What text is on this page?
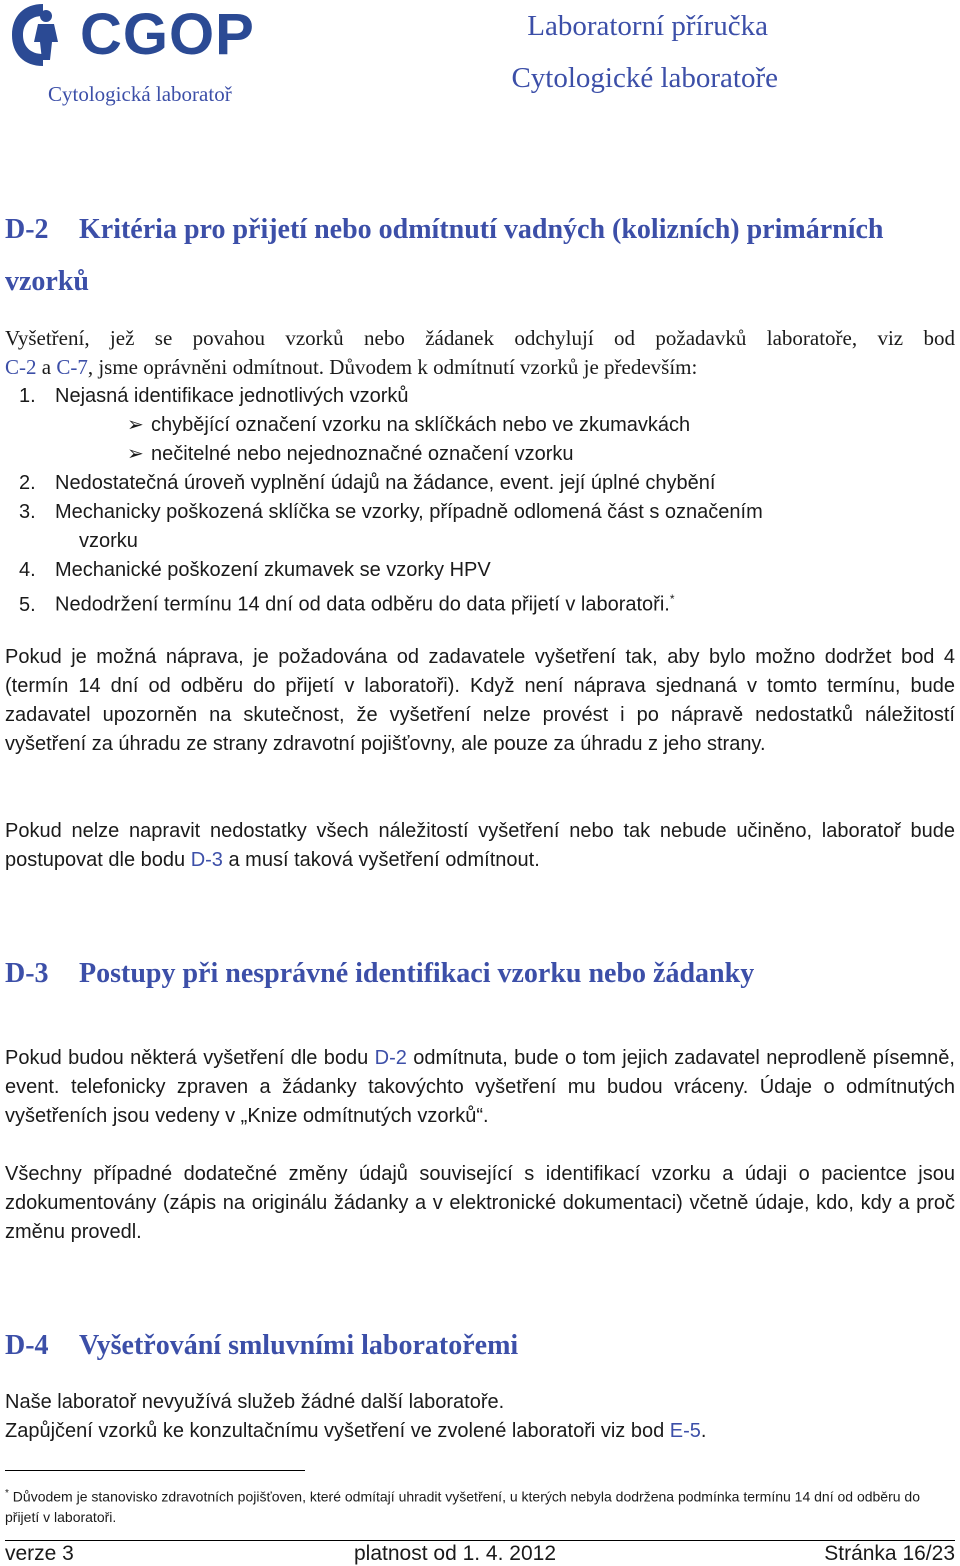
CGOP
Cytologická laboratoř
Laboratorní příručka
Cytologické laboratoře
D-2 Kritéria pro přijetí nebo odmítnutí vadných (kolizních) primárních
vzorků
Vyšetření, jež se povahou vzorků nebo žádanek odchylují od požadavků laboratoře, viz bod
C-2 a C-7, jsme oprávněni odmítnout. Důvodem k odmítnutí vzorků je především:
1. Nejasná identifikace jednotlivých vzorků
➢ chybějící označení vzorku na sklíčkách nebo ve zkumavkách
➢ nečitelné nebo nejednoznačné označení vzorku
2. Nedostatečná úroveň vyplnění údajů na žádance, event. její úplné chybění
3. Mechanicky poškozená sklíčka se vzorky, případně odlomená část s označením
vzorku
4. Mechanické poškození zkumavek se vzorky HPV
5. Nedodržení termínu 14 dní od data odběru do data přijetí v laboratoři.*
Pokud je možná náprava, je požadována od zadavatele vyšetření tak, aby bylo možno dodržet bod 4 (termín 14 dní od odběru do přijetí v laboratoři). Když není náprava sjednaná v tomto termínu, bude zadavatel upozorněn na skutečnost, že vyšetření nelze provést i po nápravě nedostatků náležitostí vyšetření za úhradu ze strany zdravotní pojišťovny, ale pouze za úhradu z jeho strany.
Pokud nelze napravit nedostatky všech náležitostí vyšetření nebo tak nebude učiněno, laboratoř bude postupovat dle bodu D-3 a musí taková vyšetření odmítnout.
D-3 Postupy při nesprávné identifikaci vzorku nebo žádanky
Pokud budou některá vyšetření dle bodu D-2 odmítnuta, bude o tom jejich zadavatel neprodleně písemně, event. telefonicky zpraven a žádanky takovýchto vyšetření mu budou vráceny. Údaje o odmítnutých vyšetřeních jsou vedeny v „Knize odmítnutých vzorků“.
Všechny případné dodatečné změny údajů související s identifikací vzorku a údaji o pacientce jsou zdokumentovány (zápis na originálu žádanky a v elektronické dokumentaci) včetně údaje, kdo, kdy a proč změnu provedl.
D-4 Vyšetřování smluvními laboratořemi
Naše laboratoř nevyužívá služeb žádné další laboratoře.
Zapůjčení vzorků ke konzultačnímu vyšetření ve zvolené laboratoři viz bod E-5.
* Důvodem je stanovisko zdravotních pojišťoven, které odmítají uhradit vyšetření, u kterých nebyla dodržena podmínka termínu 14 dní od odběru do přijetí v laboratoři.
verze 3	platnost od 1. 4. 2012	Stránka 16/23
